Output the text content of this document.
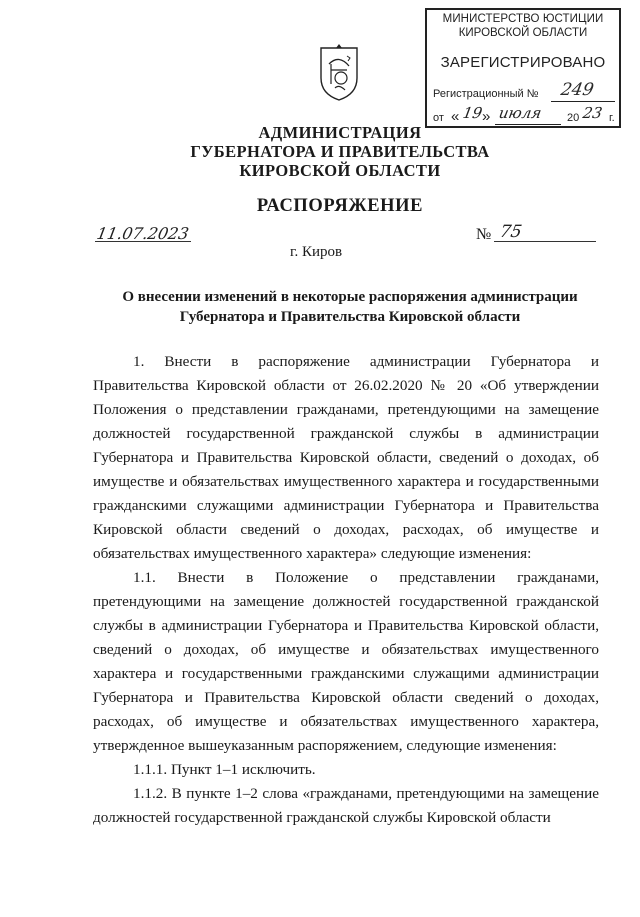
МИНИСТЕРСТВО ЮСТИЦИИ
КИРОВСКОЙ ОБЛАСТИ
ЗАРЕГИСТРИРОВАНО
Регистрационный № 249
от « 19
» июля 20 23 г.
АДМИНИСТРАЦИЯ
ГУБЕРНАТОРА И ПРАВИТЕЛЬСТВА
КИРОВСКОЙ ОБЛАСТИ
РАСПОРЯЖЕНИЕ
11.07.2023	№ 75
г. Киров
О внесении изменений в некоторые распоряжения администрации
Губернатора и Правительства Кировской области

1. Внести в распоряжение администрации Губернатора и Правительства Кировской области от 26.02.2020 № 20 «Об утверждении Положения о представлении гражданами, претендующими на замещение должностей государственной гражданской службы в администрации Губернатора и Правительства Кировской области, сведений о доходах, об имуществе и обязательствах имущественного характера и государственными гражданскими служащими администрации Губернатора и Правительства Кировской области сведений о доходах, расходах, об имуществе и обязательствах имущественного характера» следующие изменения:

1.1. Внести в Положение о представлении гражданами, претендующими на замещение должностей государственной гражданской службы в администрации Губернатора и Правительства Кировской области, сведений о доходах, об имуществе и обязательствах имущественного характера и государственными гражданскими служащими администрации Губернатора и Правительства Кировской области сведений о доходах, расходах, об имуществе и обязательствах имущественного характера, утвержденное вышеуказанным распоряжением, следующие изменения:

1.1.1. Пункт 1–1 исключить.

1.1.2. В пункте 1–2 слова «гражданами, претендующими на замещение должностей государственной гражданской службы Кировской области
